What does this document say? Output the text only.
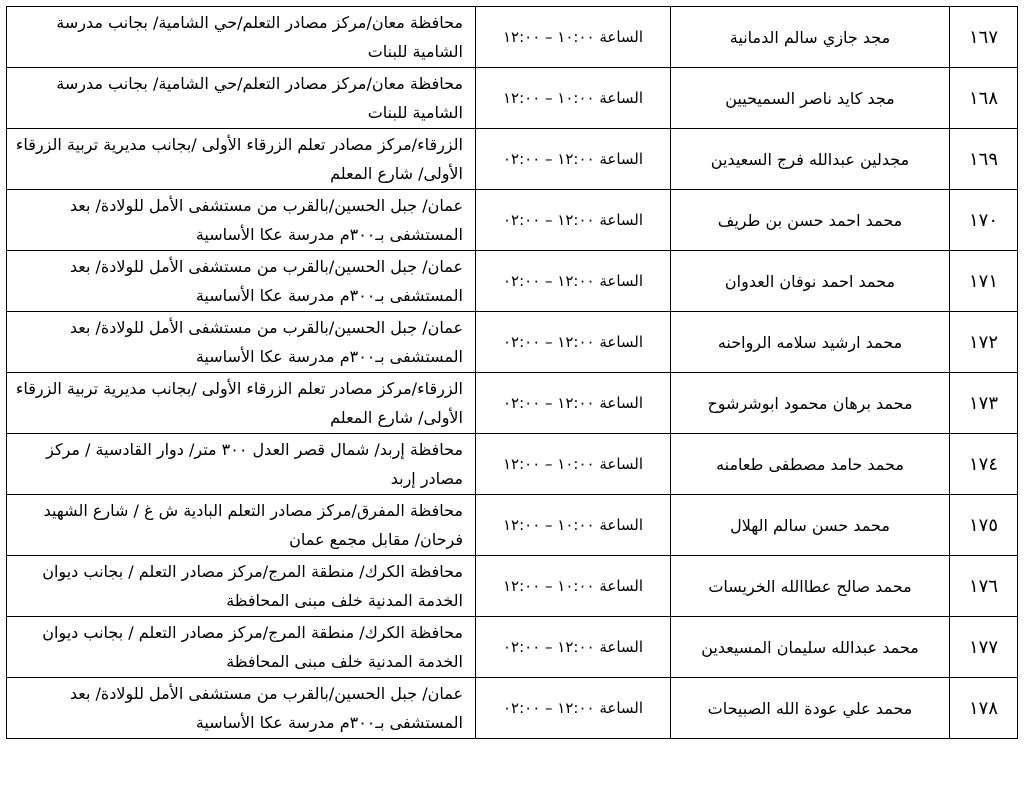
١٦٧	مجد جازي سالم الدمانية	الساعة ١٠:٠٠ – ١٢:٠٠	محافظة معان/مركز مصادر التعلم/حي الشامية/ بجانب مدرسة الشامية للبنات
١٦٨	مجد كايد ناصر السميحيين	الساعة ١٠:٠٠ – ١٢:٠٠	محافظة معان/مركز مصادر التعلم/حي الشامية/ بجانب مدرسة الشامية للبنات
١٦٩	مجدلين عبدالله فرج السعيدين	الساعة ١٢:٠٠ – ٠٢:٠٠	الزرقاء/مركز مصادر تعلم الزرقاء الأولى /بجانب مديرية تربية الزرقاء الأولى/ شارع المعلم
١٧٠	محمد احمد حسن بن طريف	الساعة ١٢:٠٠ – ٠٢:٠٠	عمان/ جبل الحسين/بالقرب من مستشفى الأمل للولادة/ بعد المستشفى بـ٣٠٠م مدرسة عكا الأساسية
١٧١	محمد احمد نوفان العدوان	الساعة ١٢:٠٠ – ٠٢:٠٠	عمان/ جبل الحسين/بالقرب من مستشفى الأمل للولادة/ بعد المستشفى بـ٣٠٠م مدرسة عكا الأساسية
١٧٢	محمد ارشيد سلامه الرواحنه	الساعة ١٢:٠٠ – ٠٢:٠٠	عمان/ جبل الحسين/بالقرب من مستشفى الأمل للولادة/ بعد المستشفى بـ٣٠٠م مدرسة عكا الأساسية
١٧٣	محمد برهان محمود ابوشرشوح	الساعة ١٢:٠٠ – ٠٢:٠٠	الزرقاء/مركز مصادر تعلم الزرقاء الأولى /بجانب مديرية تربية الزرقاء الأولى/ شارع المعلم
١٧٤	محمد حامد مصطفى طعامنه	الساعة ١٠:٠٠ – ١٢:٠٠	محافظة إربد/ شمال قصر العدل ٣٠٠ متر/ دوار القادسية / مركز مصادر إربد
١٧٥	محمد حسن سالم الهلال	الساعة ١٠:٠٠ – ١٢:٠٠	محافظة المفرق/مركز مصادر التعلم البادية ش غ / شارع الشهيد فرحان/ مقابل مجمع عمان
١٧٦	محمد صالح عطاالله الخريسات	الساعة ١٠:٠٠ – ١٢:٠٠	محافظة الكرك/ منطقة المرج/مركز مصادر التعلم / بجانب ديوان الخدمة المدنية خلف مبنى المحافظة
١٧٧	محمد عبدالله سليمان المسيعدين	الساعة ١٢:٠٠ – ٠٢:٠٠	محافظة الكرك/ منطقة المرج/مركز مصادر التعلم / بجانب ديوان الخدمة المدنية خلف مبنى المحافظة
١٧٨	محمد علي عودة الله الصبيحات	الساعة ١٢:٠٠ – ٠٢:٠٠	عمان/ جبل الحسين/بالقرب من مستشفى الأمل للولادة/ بعد المستشفى بـ٣٠٠م مدرسة عكا الأساسية
